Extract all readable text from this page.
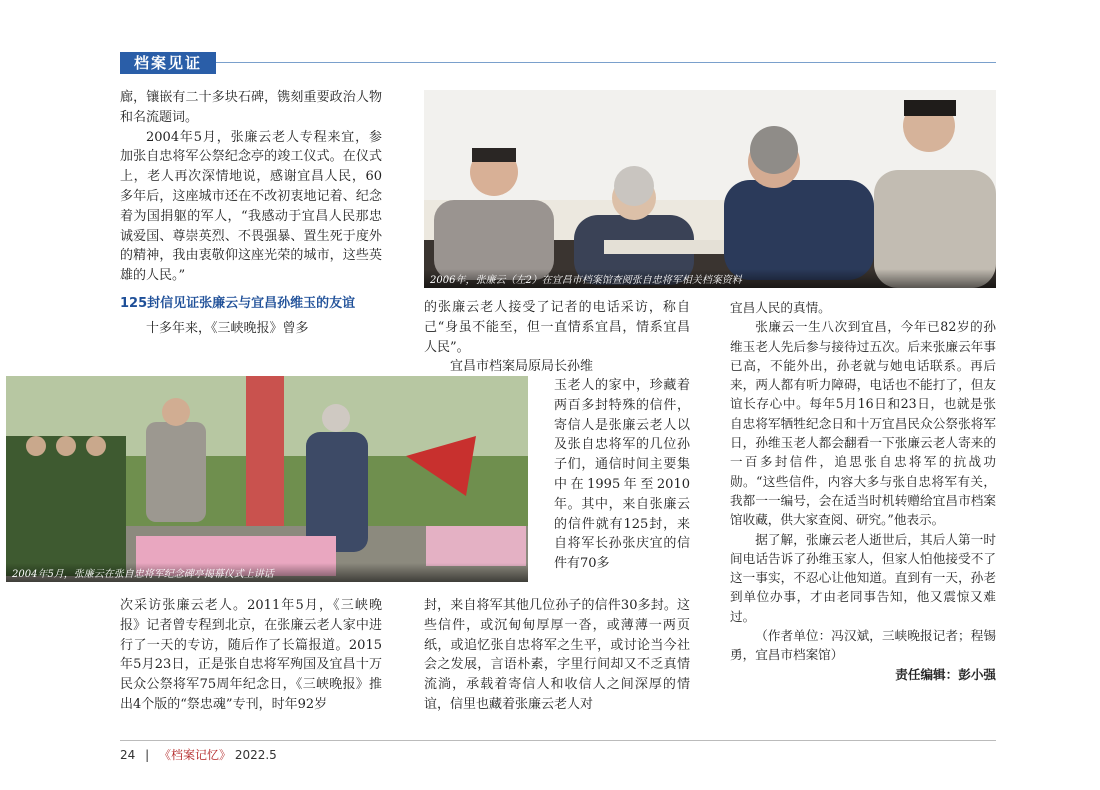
档案见证

廊，镶嵌有二十多块石碑，镌刻重要政治人物和名流题词。

2004年5月，张廉云老人专程来宜，参加张自忠将军公祭纪念亭的竣工仪式。在仪式上，老人再次深情地说，感谢宜昌人民，60多年后，这座城市还在不改初衷地记着、纪念着为国捐躯的军人，“我感动于宜昌人民那忠诚爱国、尊崇英烈、不畏强暴、置生死于度外的精神，我由衷敬仰这座光荣的城市，这些英雄的人民。”

125封信见证张廉云与宜昌孙维玉的友谊

十多年来，《三峡晚报》曾多

2006年，张廉云（左2）在宜昌市档案馆查阅张自忠将军相关档案资料
2004年5月，张廉云在张自忠将军纪念碑亭揭幕仪式上讲话

次采访张廉云老人。2011年5月，《三峡晚报》记者曾专程到北京，在张廉云老人家中进行了一天的专访，随后作了长篇报道。2015年5月23日，正是张自忠将军殉国及宜昌十万民众公祭将军75周年纪念日，《三峡晚报》推出4个版的“祭忠魂”专刊，时年92岁

的张廉云老人接受了记者的电话采访，称自己“身虽不能至，但一直情系宜昌，情系宜昌人民”。

宜昌市档案局原局长孙维

玉老人的家中，珍藏着两百多封特殊的信件，寄信人是张廉云老人以及张自忠将军的几位孙子们，通信时间主要集中在1995年至2010年。其中，来自张廉云的信件就有125封，来自将军长孙张庆宜的信件有70多

封，来自将军其他几位孙子的信件30多封。这些信件，或沉甸甸厚厚一沓，或薄薄一两页纸，或追忆张自忠将军之生平，或讨论当今社会之发展，言语朴素，字里行间却又不乏真情流淌，承载着寄信人和收信人之间深厚的情谊，信里也藏着张廉云老人对

宜昌人民的真情。

张廉云一生八次到宜昌，今年已82岁的孙维玉老人先后参与接待过五次。后来张廉云年事已高，不能外出，孙老就与她电话联系。再后来，两人都有听力障碍，电话也不能打了，但友谊长存心中。每年5月16日和23日，也就是张自忠将军牺牲纪念日和十万宜昌民众公祭张将军日，孙维玉老人都会翻看一下张廉云老人寄来的一百多封信件，追思张自忠将军的抗战功勋。“这些信件，内容大多与张自忠将军有关，我都一一编号，会在适当时机转赠给宜昌市档案馆收藏，供大家查阅、研究。”他表示。

据了解，张廉云老人逝世后，其后人第一时间电话告诉了孙维玉家人，但家人怕他接受不了这一事实，不忍心让他知道。直到有一天，孙老到单位办事，才由老同事告知，他又震惊又难过。

（作者单位：冯汉斌，三峡晚报记者；程锡勇，宜昌市档案馆）

责任编辑：彭小强

24 | 《档案记忆》 2022.5
